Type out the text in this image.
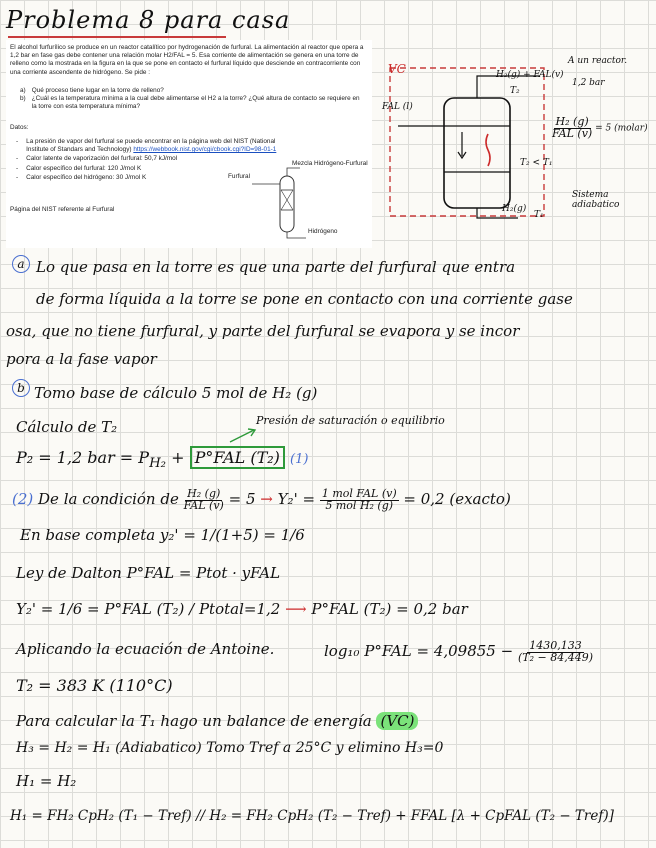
Problema 8 para casa

El alcohol furfurílico se produce en un reactor catalítico por hydrogenación de furfural. La alimentación al reactor que opera a 1,2 bar en fase gas debe contener una relación molar H2/FAL = 5. Esa corriente de alimentación se genera en una torre de relleno como la mostrada en la figura en la que se pone en contacto el furfural líquido que desciende en contracorriente con una corriente ascendente de hidrógeno. Se pide :

a) Qué proceso tiene lugar en la torre de relleno?
b) ¿Cuál es la temperatura mínima a la cual debe alimentarse el H2 a la torre? ¿Qué altura de contacto se requiere en la torre con esta temperatura mínima?

Datos:

- La presión de vapor del furfural se puede encontrar en la página web del NIST (National Institute of Standars and Technology) https://webbook.nist.gov/cgi/cbook.cgi?ID=98-01-1
- Calor latente de vaporización del furfural: 50,7 kJ/mol
- Calor específico del furfural: 120 J/mol K
- Calor específico del hidrógeno: 30 J/mol K

Página del NIST referente al Furfural

Furfural
Mezcla Hidrógeno-Furfural
Hidrógeno
VC	H₂(g) + FAL(v)
T₂
A un reactor.
1,2 bar
FAL (l)
$\frac{\text{H₂ (g)}}{\text{FAL (v)}} = 5$ (molar)
T₂ < T₁
Sistema adiabatico
H₂(g)
T₁
a Lo que pasa en la torre es que una parte del furfural que entra
de forma líquida a la torre se pone en contacto con una corriente gase
osa, que no tiene furfural, y parte del furfural se evapora y se incor
pora a la fase vapor
b Tomo base de cálculo 5 mol de H₂ (g)
Cálculo de T₂	Presión de saturación o equilibrio
P₂ = 1,2 bar = $P_{H_2} + P^\circ FAL$ (T₂) (1)
(2) De la condición de $\frac{\text{H₂ (g)}}{\text{FAL (v)}} = 5 \to Y_2' = \frac{\text{1 mol FAL (v)}}{\text{5 mol H₂ (g)}} = 0,2$ (exacto)
En base completa y₂' = 1/(1+5) = 1/6
Ley de Dalton P°FAL = Ptot · yFAL
Y₂' = 1/6 = P°FAL (T₂) / Ptotal=1,2 ⟶ P°FAL (T₂) = 0,2 bar
Aplicando la ecuación de Antoine.	log₁₀ $P^\circ FAL = 4,09855 - \frac{1430,133}{\text{(T₂ − 84,449)}}$
T₂ = 383 K (110°C)
Para calcular la T₁ hago un balance de energía (VC)
H₃ = H₂ = H₁ (Adiabatico) Tomo Tref a 25°C y elimino H₃=0
H₁ = H₂
H₁ = FH₂ CpH₂ (T₁ − Tref) // H₂ = FH₂ CpH₂ (T₂ − Tref) + FFAL [λ + CpFAL (T₂ − Tref)]
